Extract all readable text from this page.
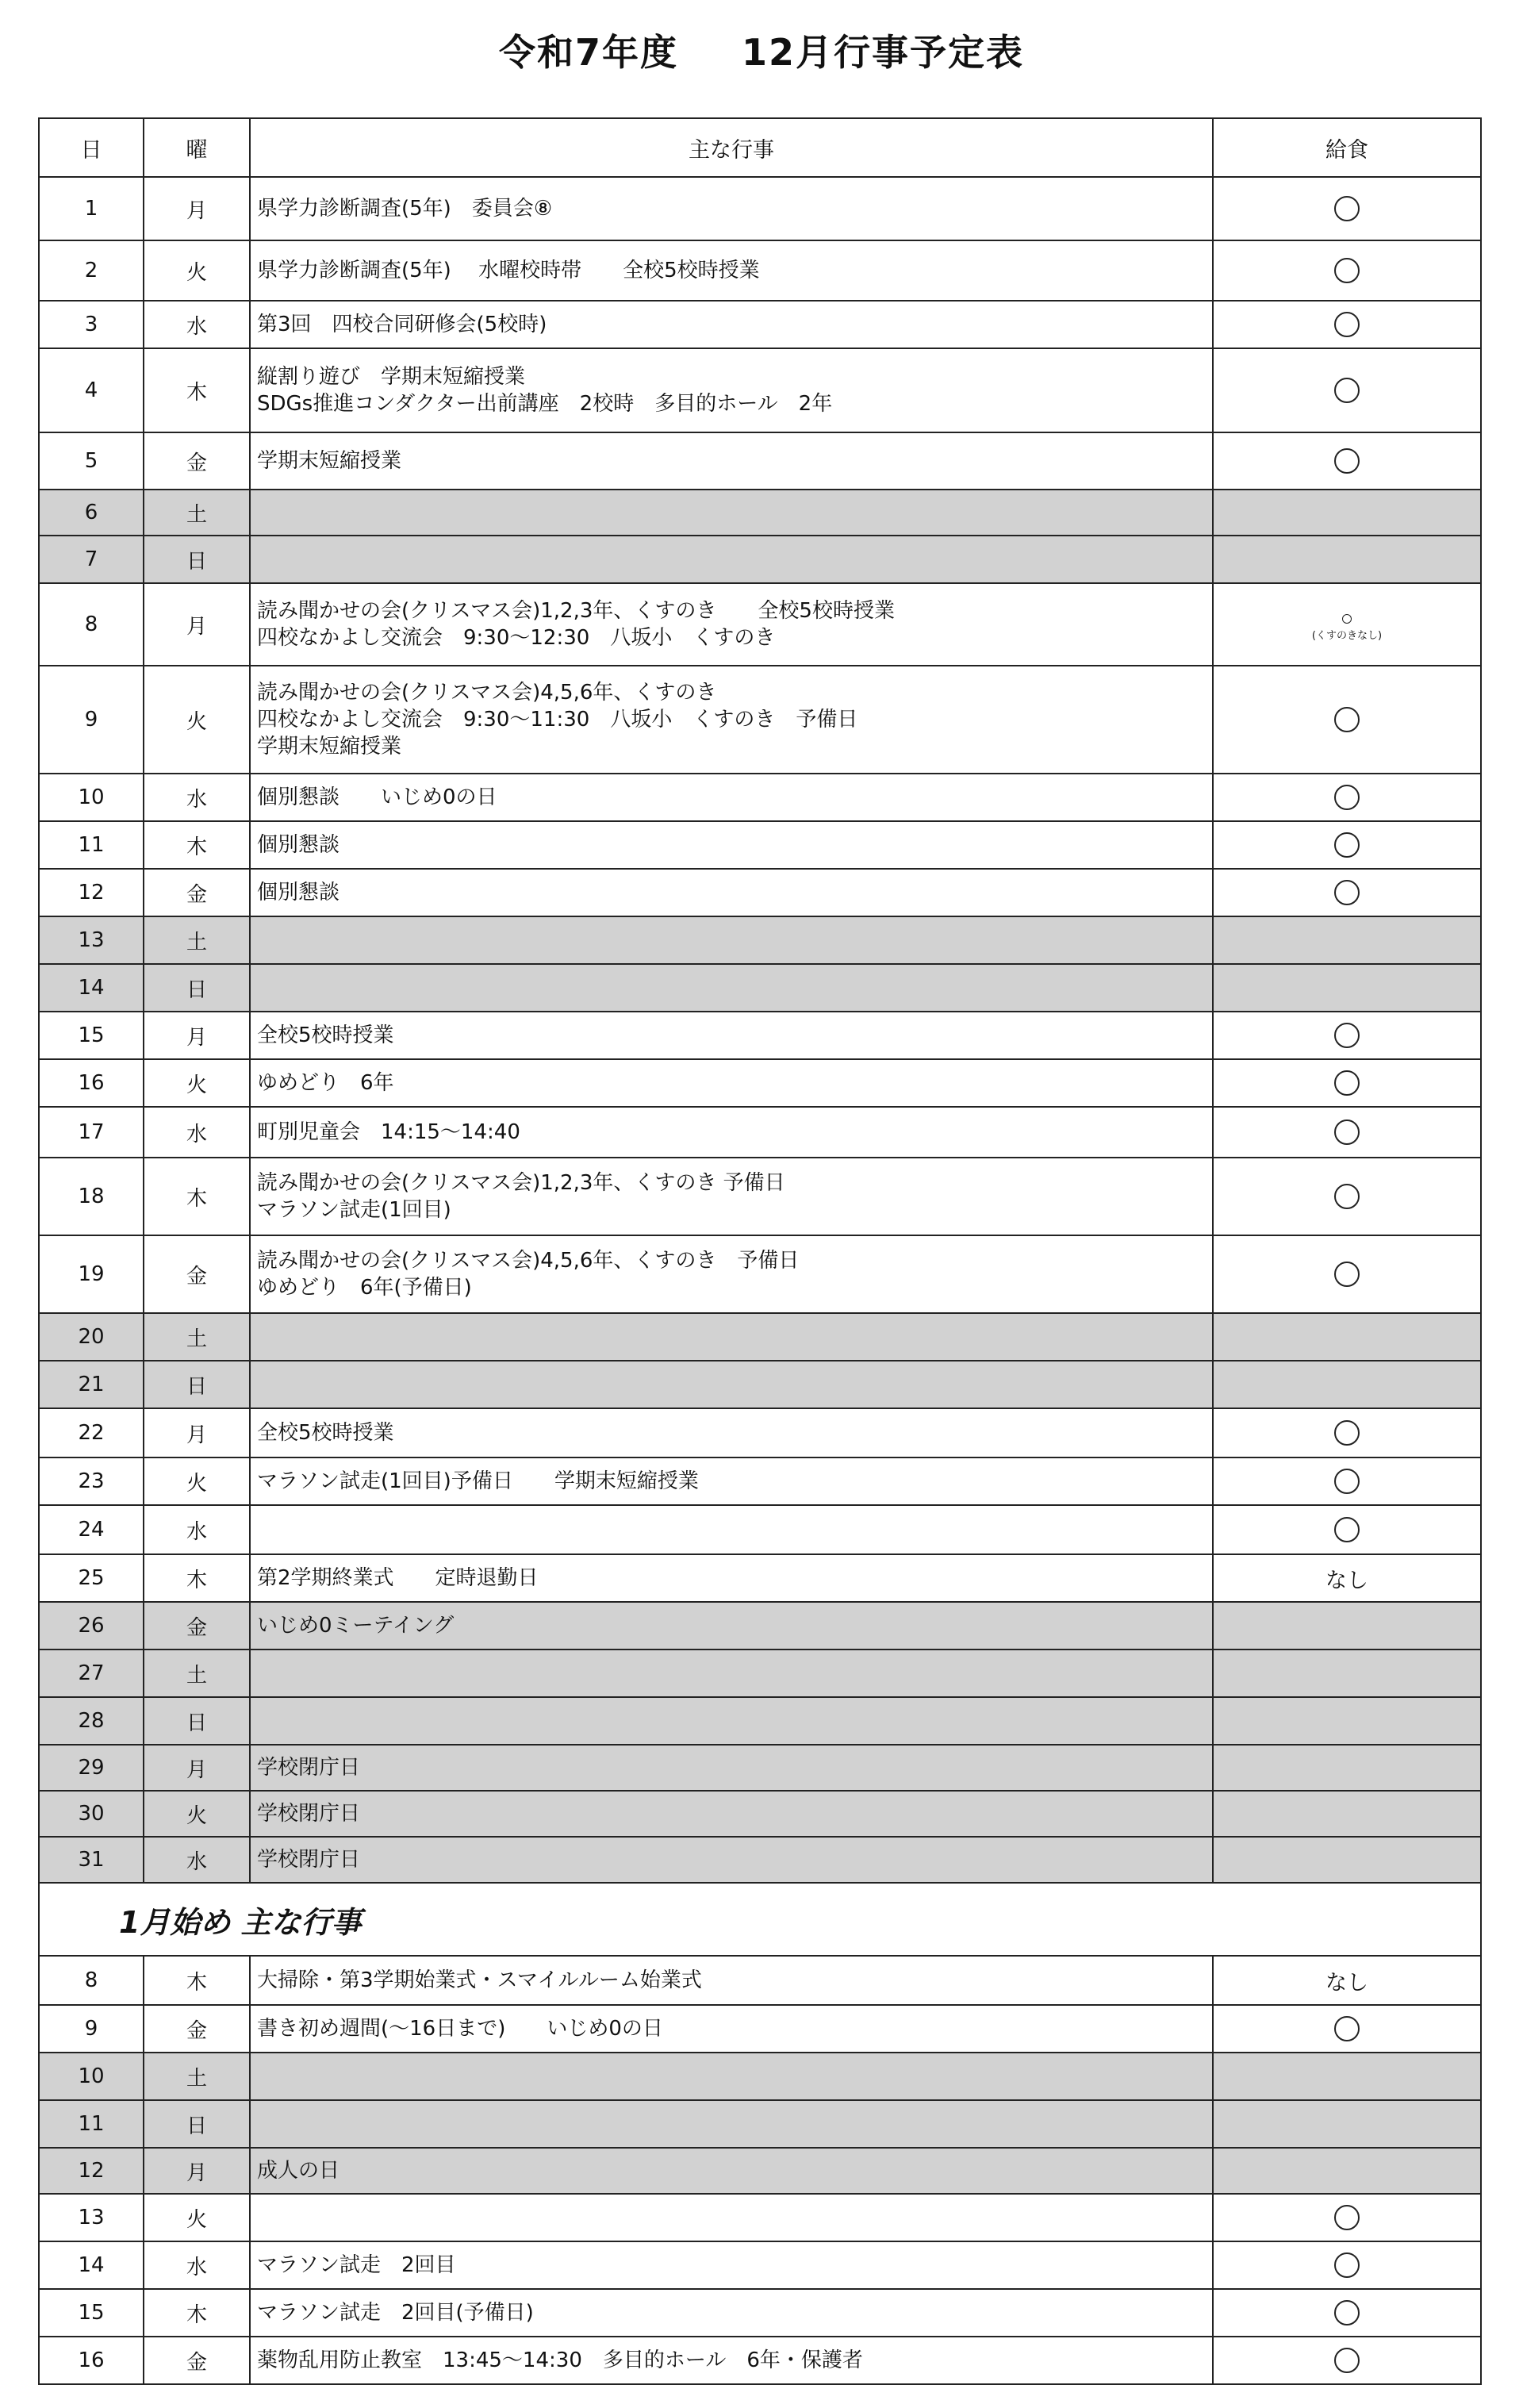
令和7年度 12月行事予定表
日	曜	主な行事	給食
1	月	県学力診断調査(5年)　委員会⑧	

2	火	県学力診断調査(5年)　 水曜校時帯　　全校5校時授業	

3	水	第3回　四校合同研修会(5校時)	

4	木	縦割り遊び　学期末短縮授業
SDGs推進コンダクター出前講座　2校時　多目的ホール　2年	

5	金	学期末短縮授業	

6	土		
7	日		
8	月	読み聞かせの会(クリスマス会)1,2,3年、くすのき　　全校5校時授業
四校なかよし交流会　9:30～12:30　八坂小　くすのき	(くすのきなし)

9	火	読み聞かせの会(クリスマス会)4,5,6年、くすのき
四校なかよし交流会　9:30～11:30　八坂小　くすのき　予備日
学期末短縮授業	

10	水	個別懇談　　いじめ0の日	

11	木	個別懇談	

12	金	個別懇談	

13	土		
14	日		
15	月	全校5校時授業	

16	火	ゆめどり　6年	

17	水	町別児童会　14:15～14:40	

18	木	読み聞かせの会(クリスマス会)1,2,3年、くすのき 予備日
マラソン試走(1回目)	

19	金	読み聞かせの会(クリスマス会)4,5,6年、くすのき　予備日
ゆめどり　6年(予備日)	

20	土		
21	日		
22	月	全校5校時授業	

23	火	マラソン試走(1回目)予備日　　学期末短縮授業	

24	水		
25	木	第2学期終業式　　定時退勤日	なし
26	金	いじめ0ミーテイング	

27	土		
28	日		
29	月	学校閉庁日	

30	火	学校閉庁日	

31	水	学校閉庁日	

1月始め 主な行事			
8	木	大掃除・第3学期始業式・スマイルルーム始業式	なし
9	金	書き初め週間(～16日まで)　　いじめ0の日	

10	土		
11	日		
12	月	成人の日	

13	火		
14	水	マラソン試走　2回目	

15	木	マラソン試走　2回目(予備日)	

16	金	薬物乱用防止教室　13:45～14:30　多目的ホール　6年・保護者	
